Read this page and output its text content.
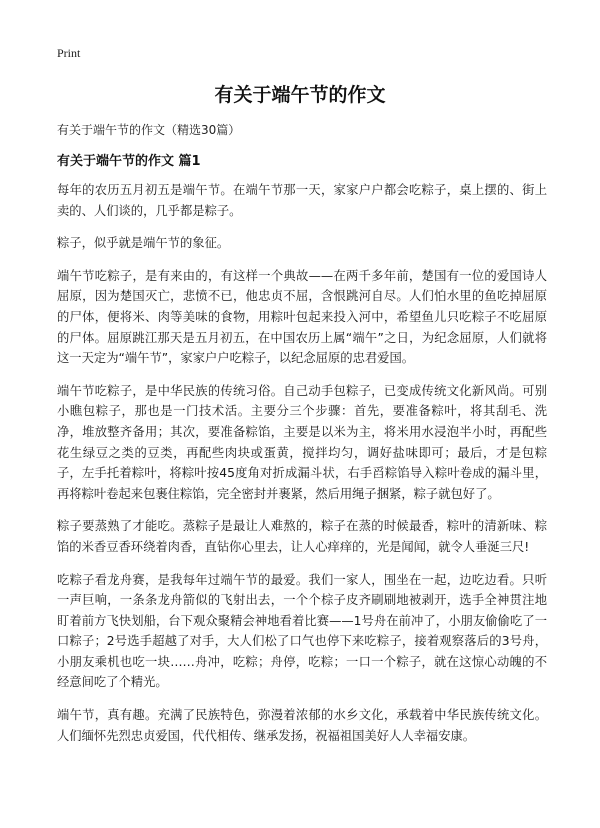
Print
有关于端午节的作文
有关于端午节的作文（精选30篇）
有关于端午节的作文 篇1

每年的农历五月初五是端午节。在端午节那一天，家家户户都会吃粽子，桌上摆的、街上卖的、人们谈的，几乎都是粽子。

粽子，似乎就是端午节的象征。

端午节吃粽子，是有来由的，有这样一个典故——在两千多年前，楚国有一位的爱国诗人屈原，因为楚国灭亡，悲愤不已，他忠贞不屈，含恨跳河自尽。人们怕水里的鱼吃掉屈原的尸体，便将米、肉等美味的食物，用粽叶包起来投入河中，希望鱼儿只吃粽子不吃屈原的尸体。屈原跳江那天是五月初五，在中国农历上属“端午”之日，为纪念屈原，人们就将这一天定为“端午节”，家家户户吃粽子，以纪念屈原的忠君爱国。

端午节吃粽子，是中华民族的传统习俗。自己动手包粽子，已变成传统文化新风尚。可别小瞧包粽子，那也是一门技术活。主要分三个步骤：首先，要准备粽叶，将其刮毛、洗净，堆放整齐备用；其次，要准备粽馅，主要是以米为主，将米用水浸泡半小时，再配些花生绿豆之类的豆类，再配些肉块或蛋黄，搅拌均匀，调好盐味即可；最后，才是包粽子，左手托着粽叶，将粽叶按45度角对折成漏斗状，右手舀粽馅导入粽叶卷成的漏斗里，再将粽叶卷起来包裹住粽馅，完全密封并裹紧，然后用绳子捆紧，粽子就包好了。

粽子要蒸熟了才能吃。蒸粽子是最让人难熬的，粽子在蒸的时候最香，粽叶的清新味、粽馅的米香豆香环绕着肉香，直钻你心里去，让人心痒痒的，光是闻闻，就令人垂涎三尺!

吃粽子看龙舟赛，是我每年过端午节的最爱。我们一家人，围坐在一起，边吃边看。只听一声巨响，一条条龙舟箭似的飞射出去，一个个棕子皮齐刷刷地被剥开，选手全神贯注地盯着前方飞快划船，台下观众聚精会神地看着比赛——1号舟在前冲了，小朋友偷偷吃了一口粽子；2号选手超越了对手，大人们松了口气也停下来吃粽子，接着观察落后的3号舟，小朋友乘机也吃一块……舟冲，吃粽；舟停，吃粽；一口一个粽子，就在这惊心动魄的不经意间吃了个精光。

端午节，真有趣。充满了民族特色，弥漫着浓郁的水乡文化，承载着中华民族传统文化。人们缅怀先烈忠贞爱国，代代相传、继承发扬，祝福祖国美好人人幸福安康。
